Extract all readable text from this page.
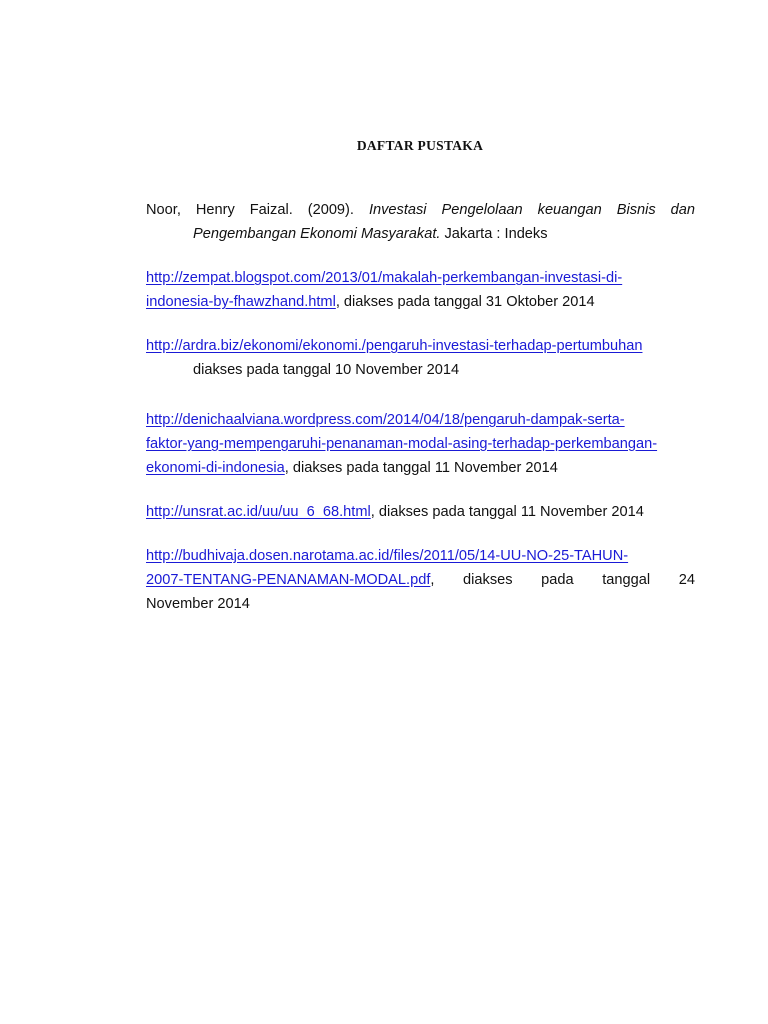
DAFTAR PUSTAKA
Noor, Henry Faizal. (2009). Investasi Pengelolaan keuangan Bisnis dan
Pengembangan Ekonomi Masyarakat. Jakarta : Indeks
http://zempat.blogspot.com/2013/01/makalah-perkembangan-investasi-di-
indonesia-by-fhawzhand.html, diakses pada tanggal 31 Oktober 2014
http://ardra.biz/ekonomi/ekonomi./pengaruh-investasi-terhadap-pertumbuhan

diakses pada tanggal 10 November 2014
http://denichaalviana.wordpress.com/2014/04/18/pengaruh-dampak-serta-
faktor-yang-mempengaruhi-penanaman-modal-asing-terhadap-perkembangan-
ekonomi-di-indonesia, diakses pada tanggal 11 November 2014
http://unsrat.ac.id/uu/uu_6_68.html, diakses pada tanggal 11 November 2014
http://budhivaja.dosen.narotama.ac.id/files/2011/05/14-UU-NO-25-TAHUN-
2007-TENTANG-PENANAMAN-MODAL.pdf, diakses pada tanggal 24
November 2014
